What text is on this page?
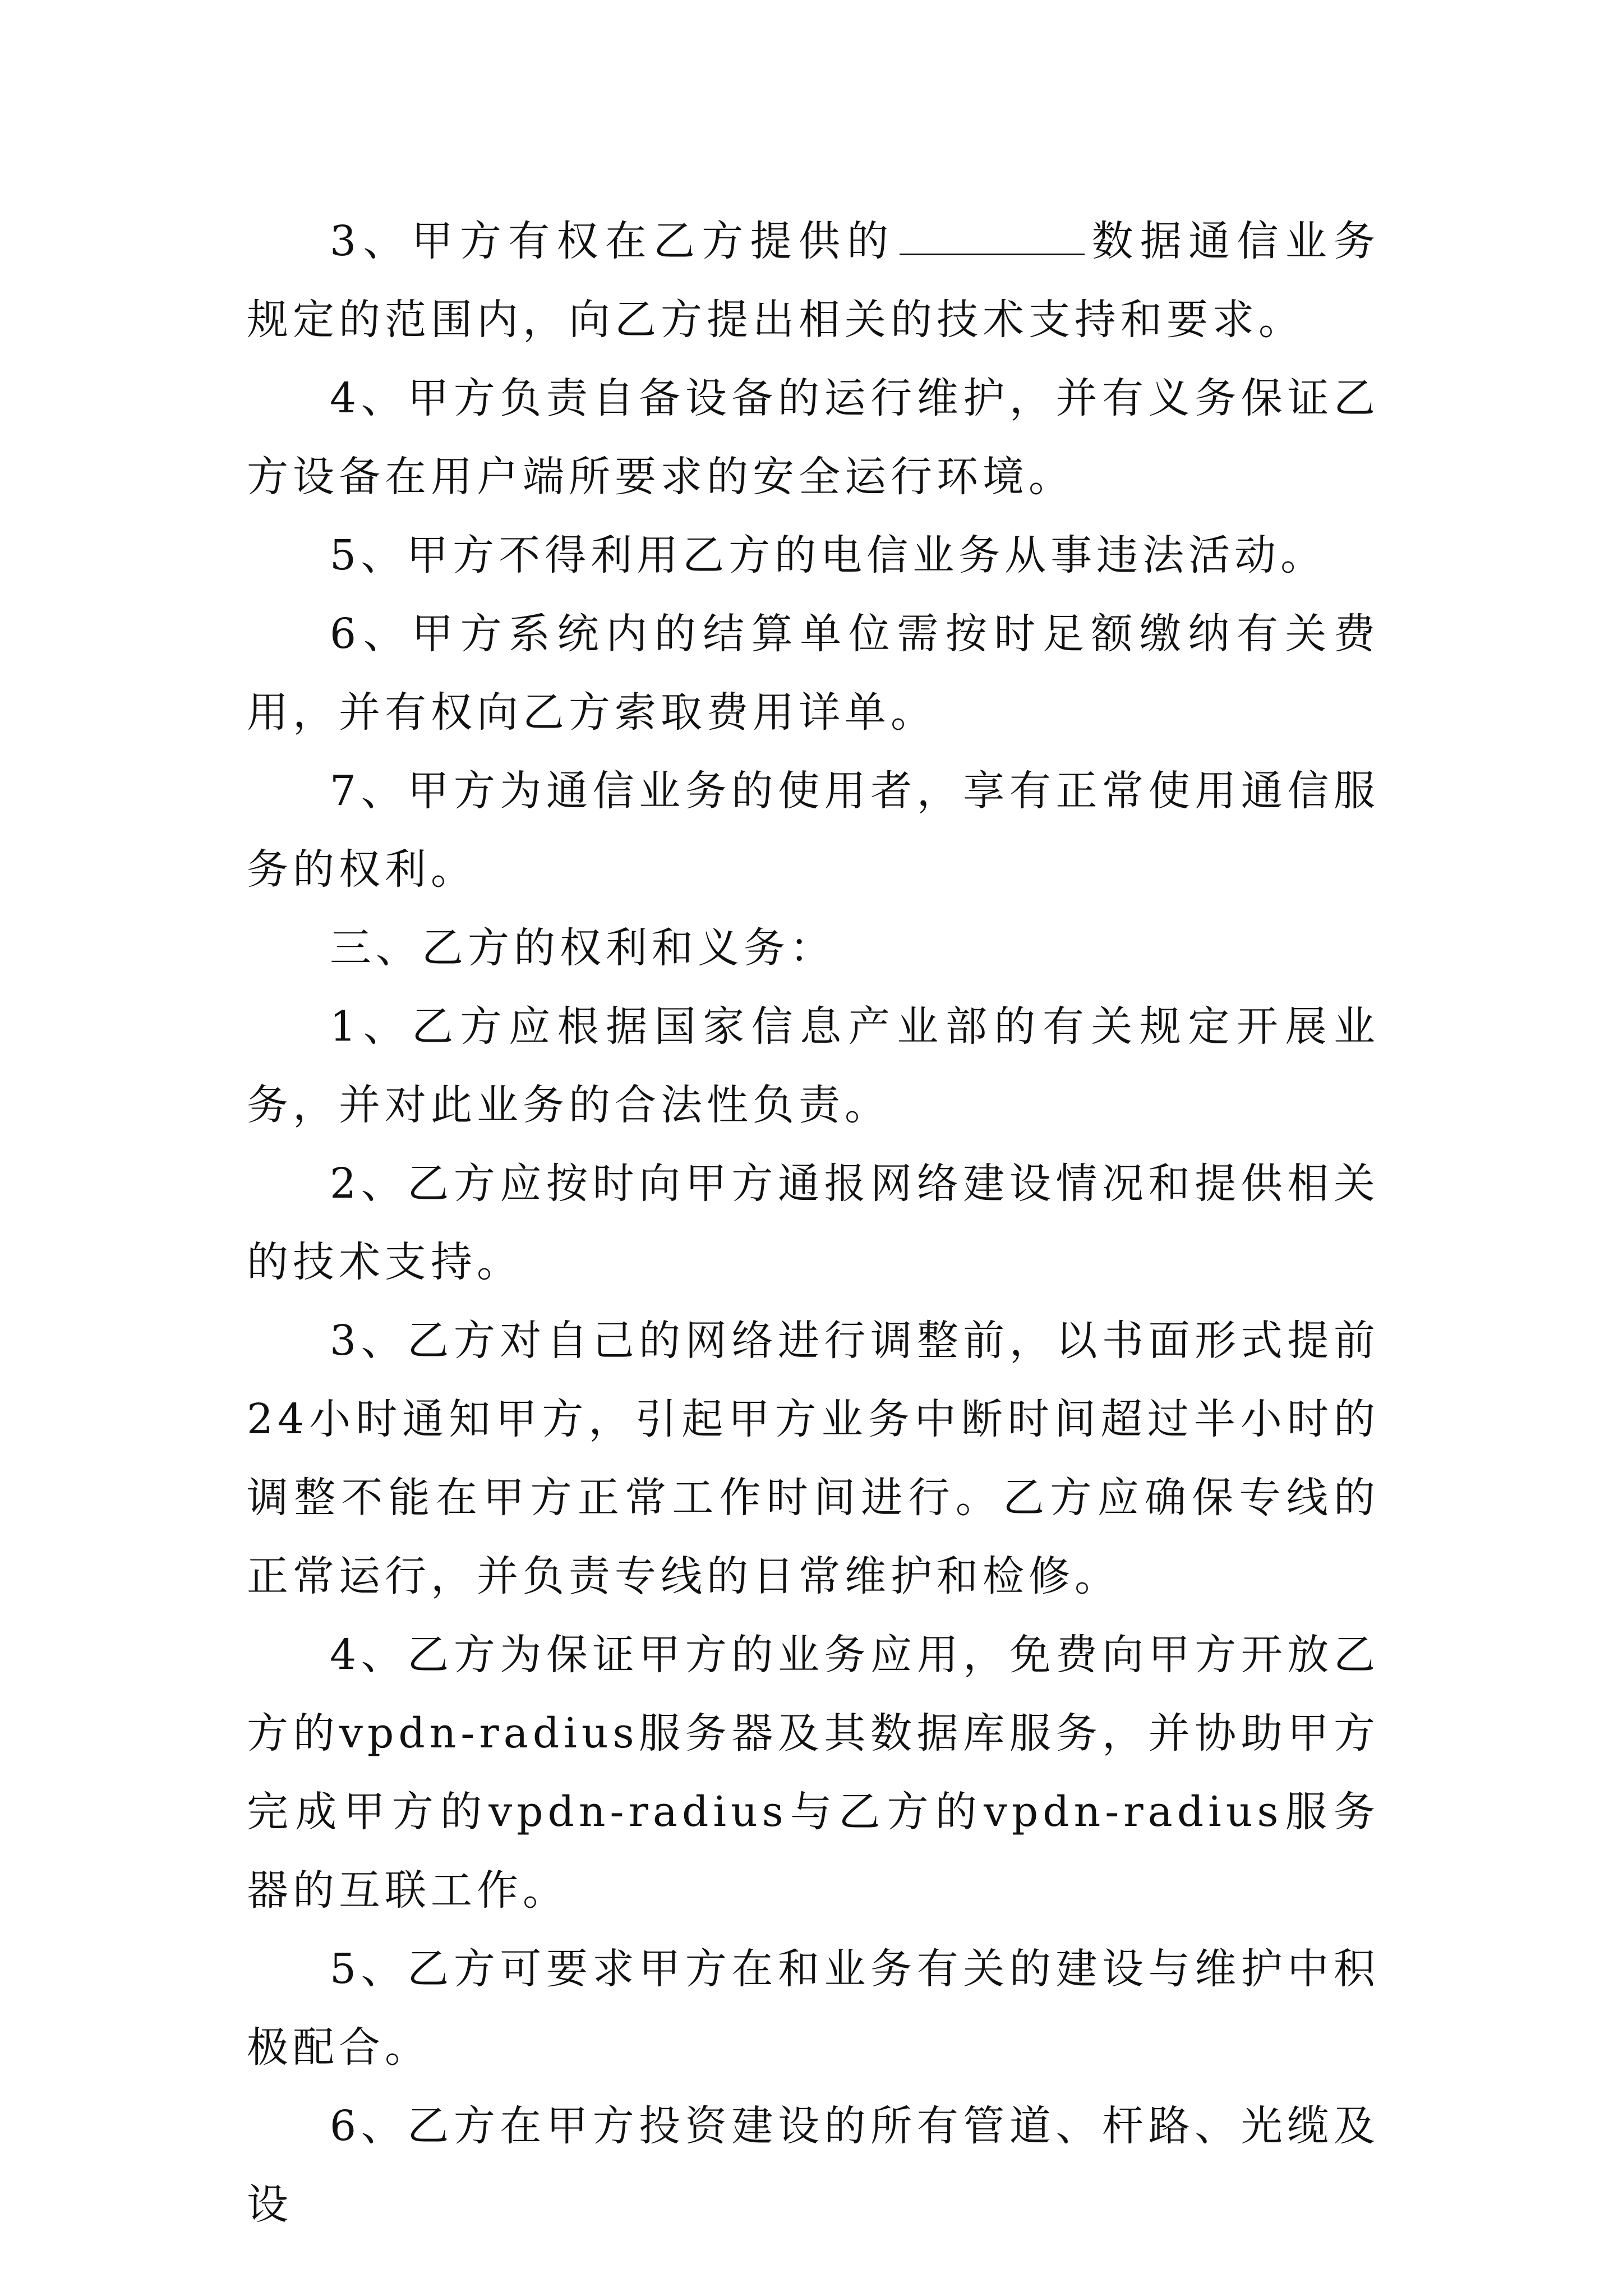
3、甲方有权在乙方提供的	数据通信业务规定的范围内，向乙方提出相关的技术支持和要求。

4、甲方负责自备设备的运行维护，并有义务保证乙方设备在用户端所要求的安全运行环境。

5、甲方不得利用乙方的电信业务从事违法活动。

6、甲方系统内的结算单位需按时足额缴纳有关费用，并有权向乙方索取费用详单。

7、甲方为通信业务的使用者，享有正常使用通信服务的权利。

三、乙方的权利和义务：

1、乙方应根据国家信息产业部的有关规定开展业务，并对此业务的合法性负责。

2、乙方应按时向甲方通报网络建设情况和提供相关的技术支持。

3、乙方对自己的网络进行调整前，以书面形式提前24小时通知甲方，引起甲方业务中断时间超过半小时的调整不能在甲方正常工作时间进行。乙方应确保专线的正常运行，并负责专线的日常维护和检修。

4、乙方为保证甲方的业务应用，免费向甲方开放乙方的vpdn-radius服务器及其数据库服务，并协助甲方完成甲方的vpdn-radius与乙方的vpdn-radius服务器的互联工作。

5、乙方可要求甲方在和业务有关的建设与维护中积极配合。

6、乙方在甲方投资建设的所有管道、杆路、光缆及设
